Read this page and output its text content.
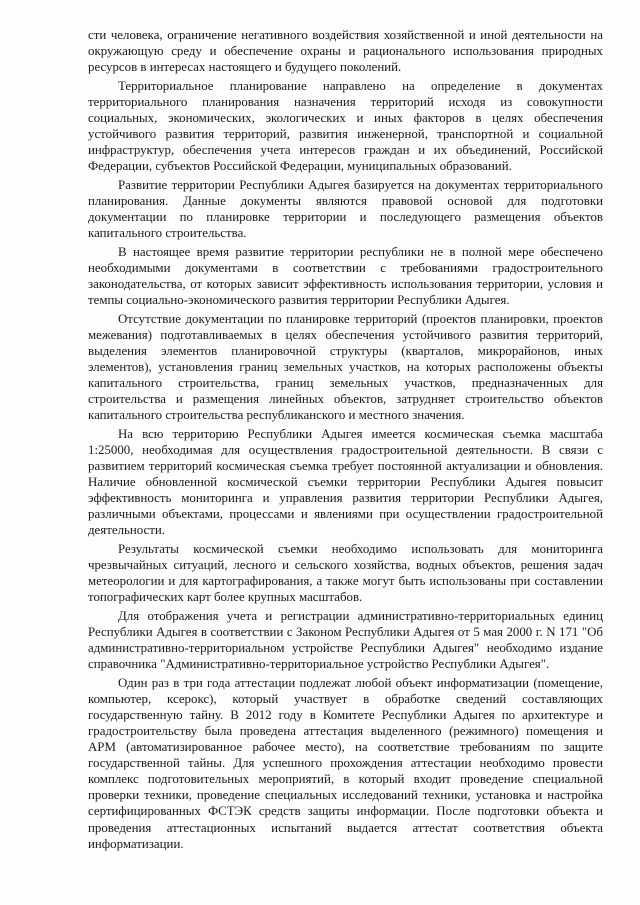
сти человека, ограничение негативного воздействия хозяйственной и иной деятельности на окружающую среду и обеспечение охраны и рационального использования природных ресурсов в интересах настоящего и будущего поколений.

Территориальное планирование направлено на определение в документах территориального планирования назначения территорий исходя из совокупности социальных, экономических, экологических и иных факторов в целях обеспечения устойчивого развития территорий, развития инженерной, транспортной и социальной инфраструктур, обеспечения учета интересов граждан и их объединений, Российской Федерации, субъектов Российской Федерации, муниципальных образований.

Развитие территории Республики Адыгея базируется на документах территориального планирования. Данные документы являются правовой основой для подготовки документации по планировке территории и последующего размещения объектов капитального строительства.

В настоящее время развитие территории республики не в полной мере обеспечено необходимыми документами в соответствии с требованиями градостроительного законодательства, от которых зависит эффективность использования территории, условия и темпы социально-экономического развития территории Республики Адыгея.

Отсутствие документации по планировке территорий (проектов планировки, проектов межевания) подготавливаемых в целях обеспечения устойчивого развития территорий, выделения элементов планировочной структуры (кварталов, микрорайонов, иных элементов), установления границ земельных участков, на которых расположены объекты капитального строительства, границ земельных участков, предназначенных для строительства и размещения линейных объектов, затрудняет строительство объектов капитального строительства республиканского и местного значения.

На всю территорию Республики Адыгея имеется космическая съемка масштаба 1:25000, необходимая для осуществления градостроительной деятельности. В связи с развитием территорий космическая съемка требует постоянной актуализации и обновления. Наличие обновленной космической съемки территории Республики Адыгея повысит эффективность мониторинга и управления развития территории Республики Адыгея, различными объектами, процессами и явлениями при осуществлении градостроительной деятельности.

Результаты космической съемки необходимо использовать для мониторинга чрезвычайных ситуаций, лесного и сельского хозяйства, водных объектов, решения задач метеорологии и для картографирования, а также могут быть использованы при составлении топографических карт более крупных масштабов.

Для отображения учета и регистрации административно-территориальных единиц Республики Адыгея в соответствии с Законом Республики Адыгея от 5 мая 2000 г. N 171 "Об административно-территориальном устройстве Республики Адыгея" необходимо издание справочника "Административно-территориальное устройство Республики Адыгея".

Один раз в три года аттестации подлежат любой объект информатизации (помещение, компьютер, ксерокс), который участвует в обработке сведений составляющих государственную тайну. В 2012 году в Комитете Республики Адыгея по архитектуре и градостроительству была проведена аттестация выделенного (режимного) помещения и АРМ (автоматизированное рабочее место), на соответствие требованиям по защите государственной тайны. Для успешного прохождения аттестации необходимо провести комплекс подготовительных мероприятий, в который входит проведение специальной проверки техники, проведение специальных исследований техники, установка и настройка сертифицированных ФСТЭК средств защиты информации. После подготовки объекта и проведения аттестационных испытаний выдается аттестат соответствия объекта информатизации.
